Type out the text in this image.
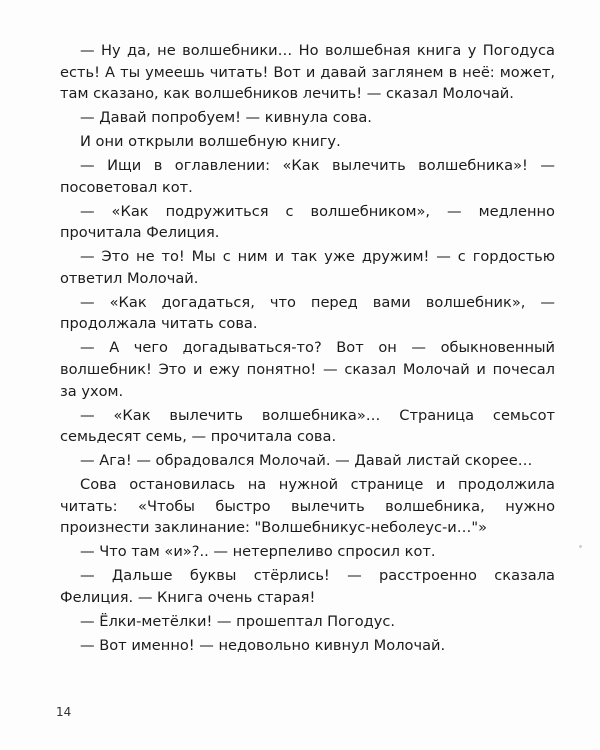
— Ну да, не волшебники… Но волшебная книга у Погодуса есть! А ты умеешь читать! Вот и давай заглянем в неё: может, там сказано, как волшебников лечить! — сказал Молочай.

— Давай попробуем! — кивнула сова.

И они открыли волшебную книгу.

— Ищи в оглавлении: «Как вылечить волшебника»! — посоветовал кот.

— «Как подружиться с волшебником», — медленно прочитала Фелиция.

— Это не то! Мы с ним и так уже дружим! — с гордостью ответил Молочай.

— «Как догадаться, что перед вами волшебник», — продолжала читать сова.

— А чего догадываться-то? Вот он — обыкновенный волшебник! Это и ежу понятно! — сказал Молочай и почесал за ухом.

— «Как вылечить волшебника»… Страница семьсот семьдесят семь, — прочитала сова.

— Ага! — обрадовался Молочай. — Давай листай скорее…

Сова остановилась на нужной странице и продолжила читать: «Чтобы быстро вылечить волшебника, нужно произнести заклинание: "Волшебникус-неболеус-и…"»

— Что там «и»?.. — нетерпеливо спросил кот.

— Дальше буквы стёрлись! — расстроенно сказала Фелиция. — Книга очень старая!

— Ёлки-метёлки! — прошептал Погодус.

— Вот именно! — недовольно кивнул Молочай.

14
